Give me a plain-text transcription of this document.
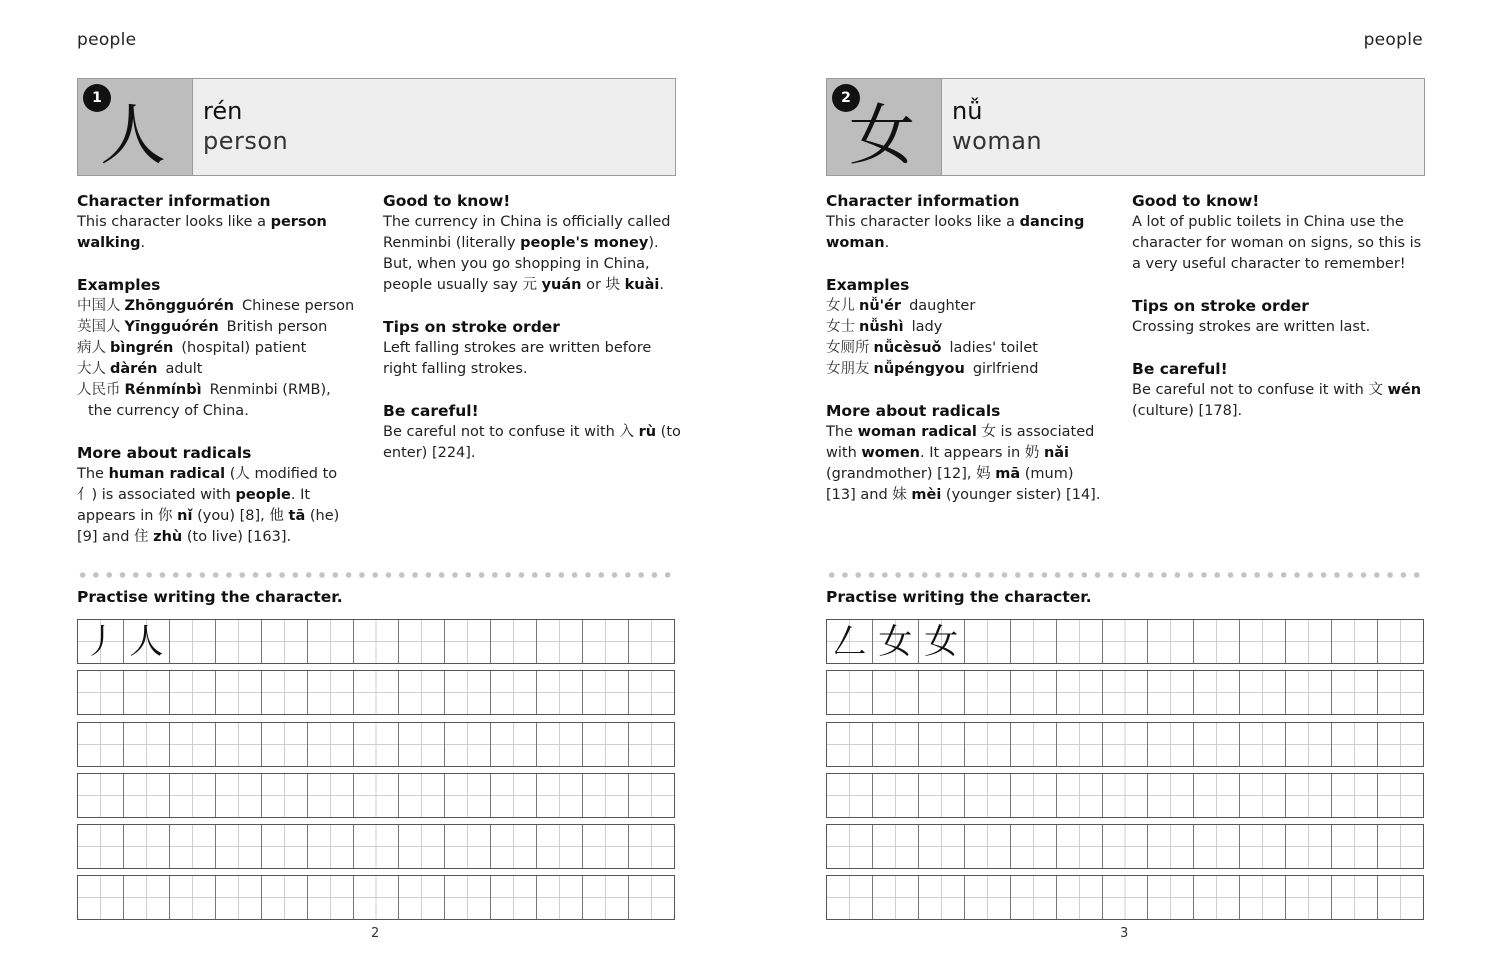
people
1
人 rén
person

Character information

This character looks like a person walking.

Examples

中国人 Zhōngguórén Chinese person

英国人 Yīngguórén British person

病人 bìngrén (hospital) patient

大人 dàrén adult

人民币 Rénmínbì Renminbi (RMB),
the currency of China.

More about radicals

The human radical (人 modified to 亻) is associated with people. It appears in 你 nǐ (you) [8], 他 tā (he) [9] and 住 zhù (to live) [163].

Good to know!

The currency in China is officially called Renminbi (literally people's money). But, when you go shopping in China, people usually say 元 yuán or 块 kuài.

Tips on stroke order

Left falling strokes are written before right falling strokes.

Be careful!

Be careful not to confuse it with 入 rù (to enter) [224].

Practise writing the character.
丿 人
2
people
2
女 nǚ
woman

Character information

This character looks like a dancing woman.

Examples

女儿 nǚ'ér daughter

女士 nǚshì lady

女厕所 nǚcèsuǒ ladies' toilet

女朋友 nǚpéngyou girlfriend

More about radicals

The woman radical 女 is associated with women. It appears in 奶 nǎi (grandmother) [12], 妈 mā (mum) [13] and 妹 mèi (younger sister) [14].

Good to know!

A lot of public toilets in China use the character for woman on signs, so this is a very useful character to remember!

Tips on stroke order

Crossing strokes are written last.

Be careful!

Be careful not to confuse it with 文 wén (culture) [178].

Practise writing the character.
𠃋 女 女
3
